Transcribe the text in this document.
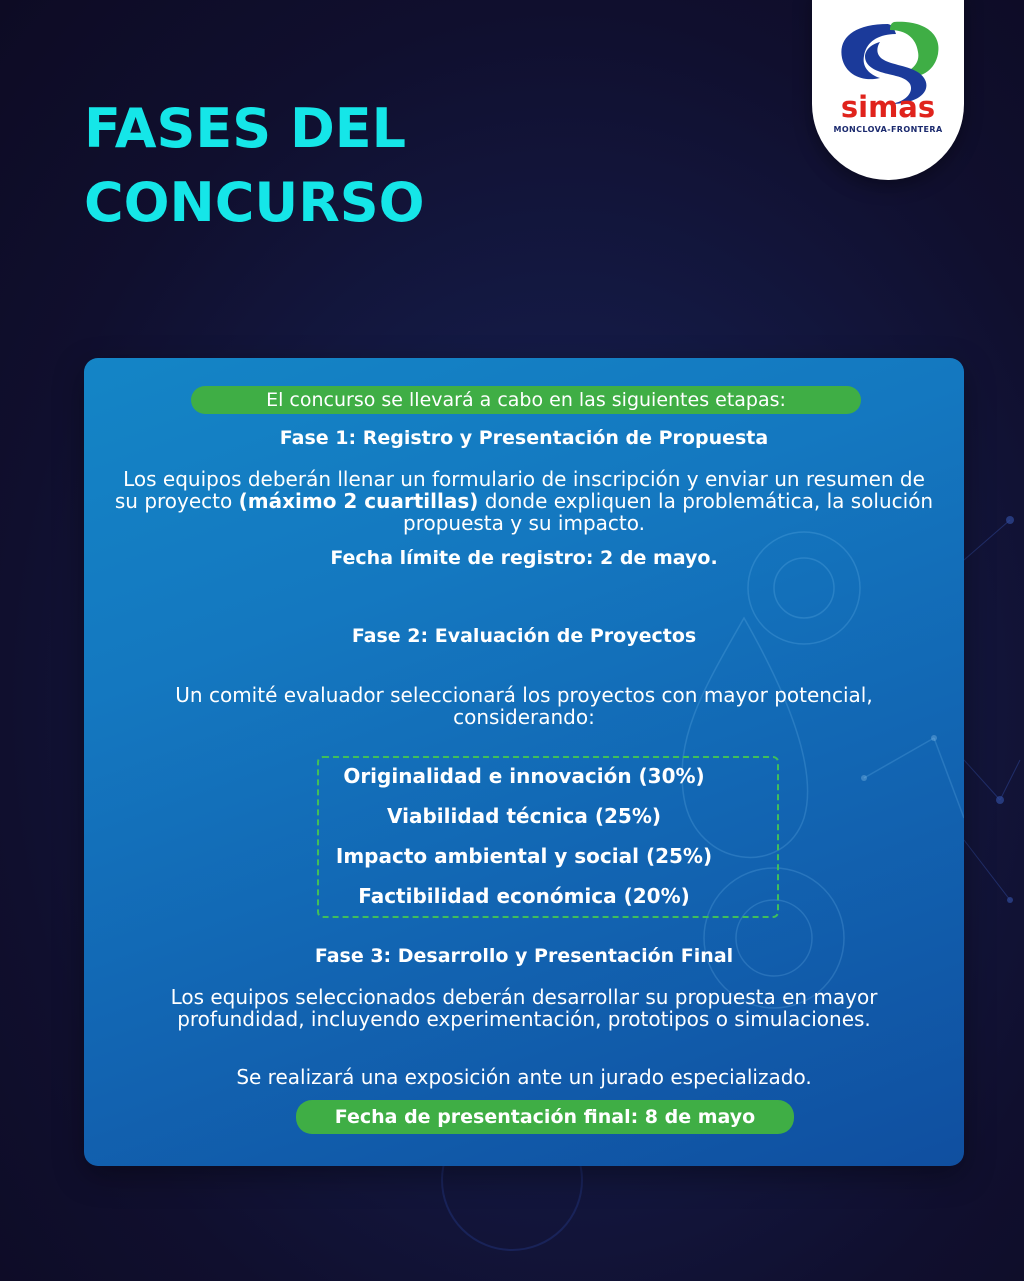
FASES DEL
CONCURSO
simas
MONCLOVA-FRONTERA
El concurso se llevará a cabo en las siguientes etapas:
Fase 1: Registro y Presentación de Propuesta

Los equipos deberán llenar un formulario de inscripción y enviar un resumen de su proyecto (máximo 2 cuartillas) donde expliquen la problemática, la solución propuesta y su impacto.

Fecha límite de registro: 2 de mayo.
Fase 2: Evaluación de Proyectos

Un comité evaluador seleccionará los proyectos con mayor potencial, considerando:

Originalidad e innovación (30%)
Viabilidad técnica (25%)
Impacto ambiental y social (25%)
Factibilidad económica (20%)
Fase 3: Desarrollo y Presentación Final

Los equipos seleccionados deberán desarrollar su propuesta en mayor profundidad, incluyendo experimentación, prototipos o simulaciones.

Se realizará una exposición ante un jurado especializado.

Fecha de presentación final: 8 de mayo
